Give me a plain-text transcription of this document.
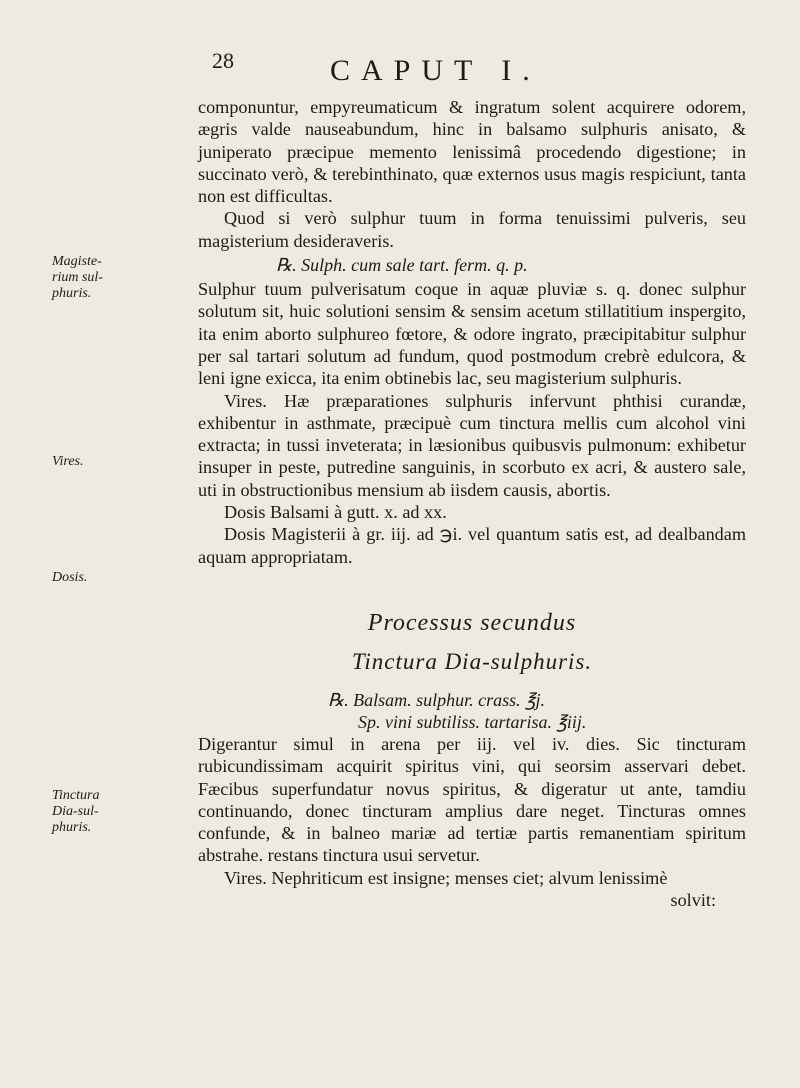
28	CAPUT I.
Magiste-
rium sul-
phuris.
Vires.
Dosis.
Tinctura
Dia-sul-
phuris.

componuntur, empyreumaticum & ingratum solent acquirere odorem, ægris valde nauseabundum, hinc in balsamo sulphuris anisato, & juniperato præcipue memento lenissimâ procedendo digestione; in succinato verò, & terebinthinato, quæ externos usus magis respiciunt, tanta non est difficultas.

Quod si verò sulphur tuum in forma tenuissimi pulveris, seu magisterium desideraveris.

℞. Sulph. cum sale tart. ferm. q. p.

Sulphur tuum pulverisatum coque in aquæ pluviæ s. q. donec sulphur solutum sit, huic solutioni sensim & sensim acetum stillatitium inspergito, ita enim aborto sulphureo fœtore, & odore ingrato, præcipitabitur sulphur per sal tartari solutum ad fundum, quod postmodum crebrè edulcora, & leni igne exicca, ita enim obtinebis lac, seu magisterium sulphuris.

Vires. Hæ præparationes sulphuris infervunt phthisi curandæ, exhibentur in asthmate, præcipuè cum tinctura mellis cum alcohol vini extracta; in tussi inveterata; in læsionibus quibusvis pulmonum: exhibetur insuper in peste, putredine sanguinis, in scorbuto ex acri, & austero sale, uti in obstructionibus mensium ab iisdem causis, abortis.

Dosis Balsami à gutt. x. ad xx.

Dosis Magisterii à gr. iij. ad ℈i. vel quantum satis est, ad dealbandam aquam appropriatam.

Processus secundus
Tinctura Dia-sulphuris.

℞. Balsam. sulphur. crass. ℥j.

Sp. vini subtiliss. tartarisa. ℥iij.

Digerantur simul in arena per iij. vel iv. dies. Sic tincturam rubicundissimam acquirit spiritus vini, qui seorsim asservari debet. Fæcibus superfundatur novus spiritus, & digeratur ut ante, tamdiu continuando, donec tincturam amplius dare neget. Tincturas omnes confunde, & in balneo mariæ ad tertiæ partis remanentiam spiritum abstrahe. restans tinctura usui servetur.

Vires. Nephriticum est insigne; menses ciet; alvum lenissimè

solvit:
